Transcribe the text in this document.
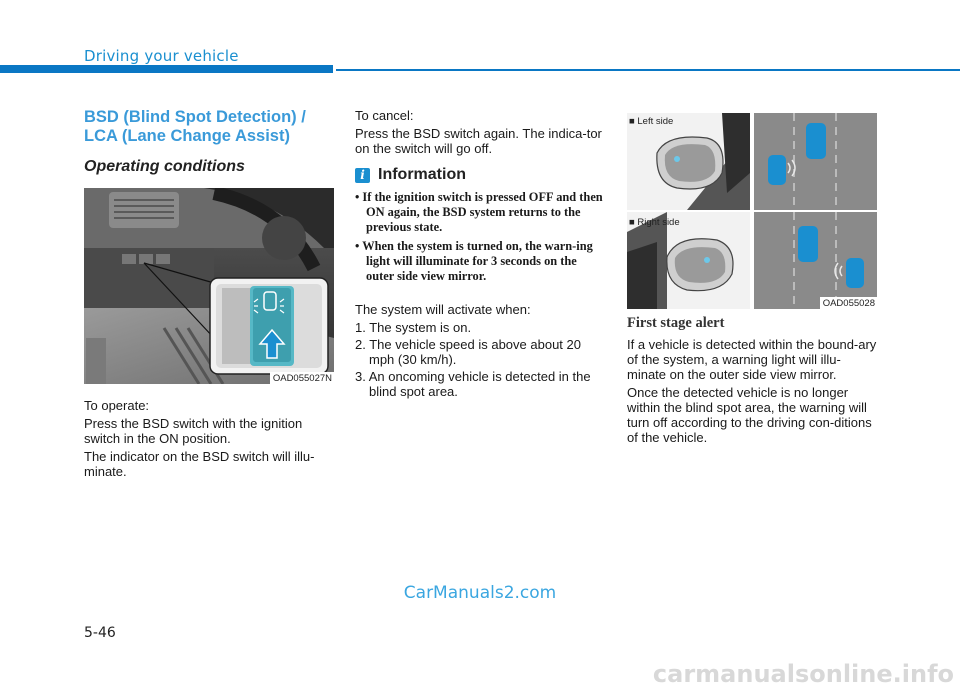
Driving your vehicle
BSD (Blind Spot Detection) / LCA (Lane Change Assist)
Operating conditions
OAD055027N

To operate:

Press the BSD switch with the ignition switch in the ON position.

The indicator on the BSD switch will illu-minate.

To cancel:

Press the BSD switch again. The indica-tor on the switch will go off.

i Information
• If the ignition switch is pressed OFF and then ON again, the BSD system returns to the previous state.
• When the system is turned on, the warn-ing light will illuminate for 3 seconds on the outer side view mirror.

The system will activate when:

1. The system is on.
2. The vehicle speed is above about 20 mph (30 km/h).
3. An oncoming vehicle is detected in the blind spot area.
■ Left side
■ Right side
OAD055028
First stage alert

If a vehicle is detected within the bound-ary of the system, a warning light will illu-minate on the outer side view mirror.

Once the detected vehicle is no longer within the blind spot area, the warning will turn off according to the driving con-ditions of the vehicle.

CarManuals2.com
5-46
carmanualsonline.info
